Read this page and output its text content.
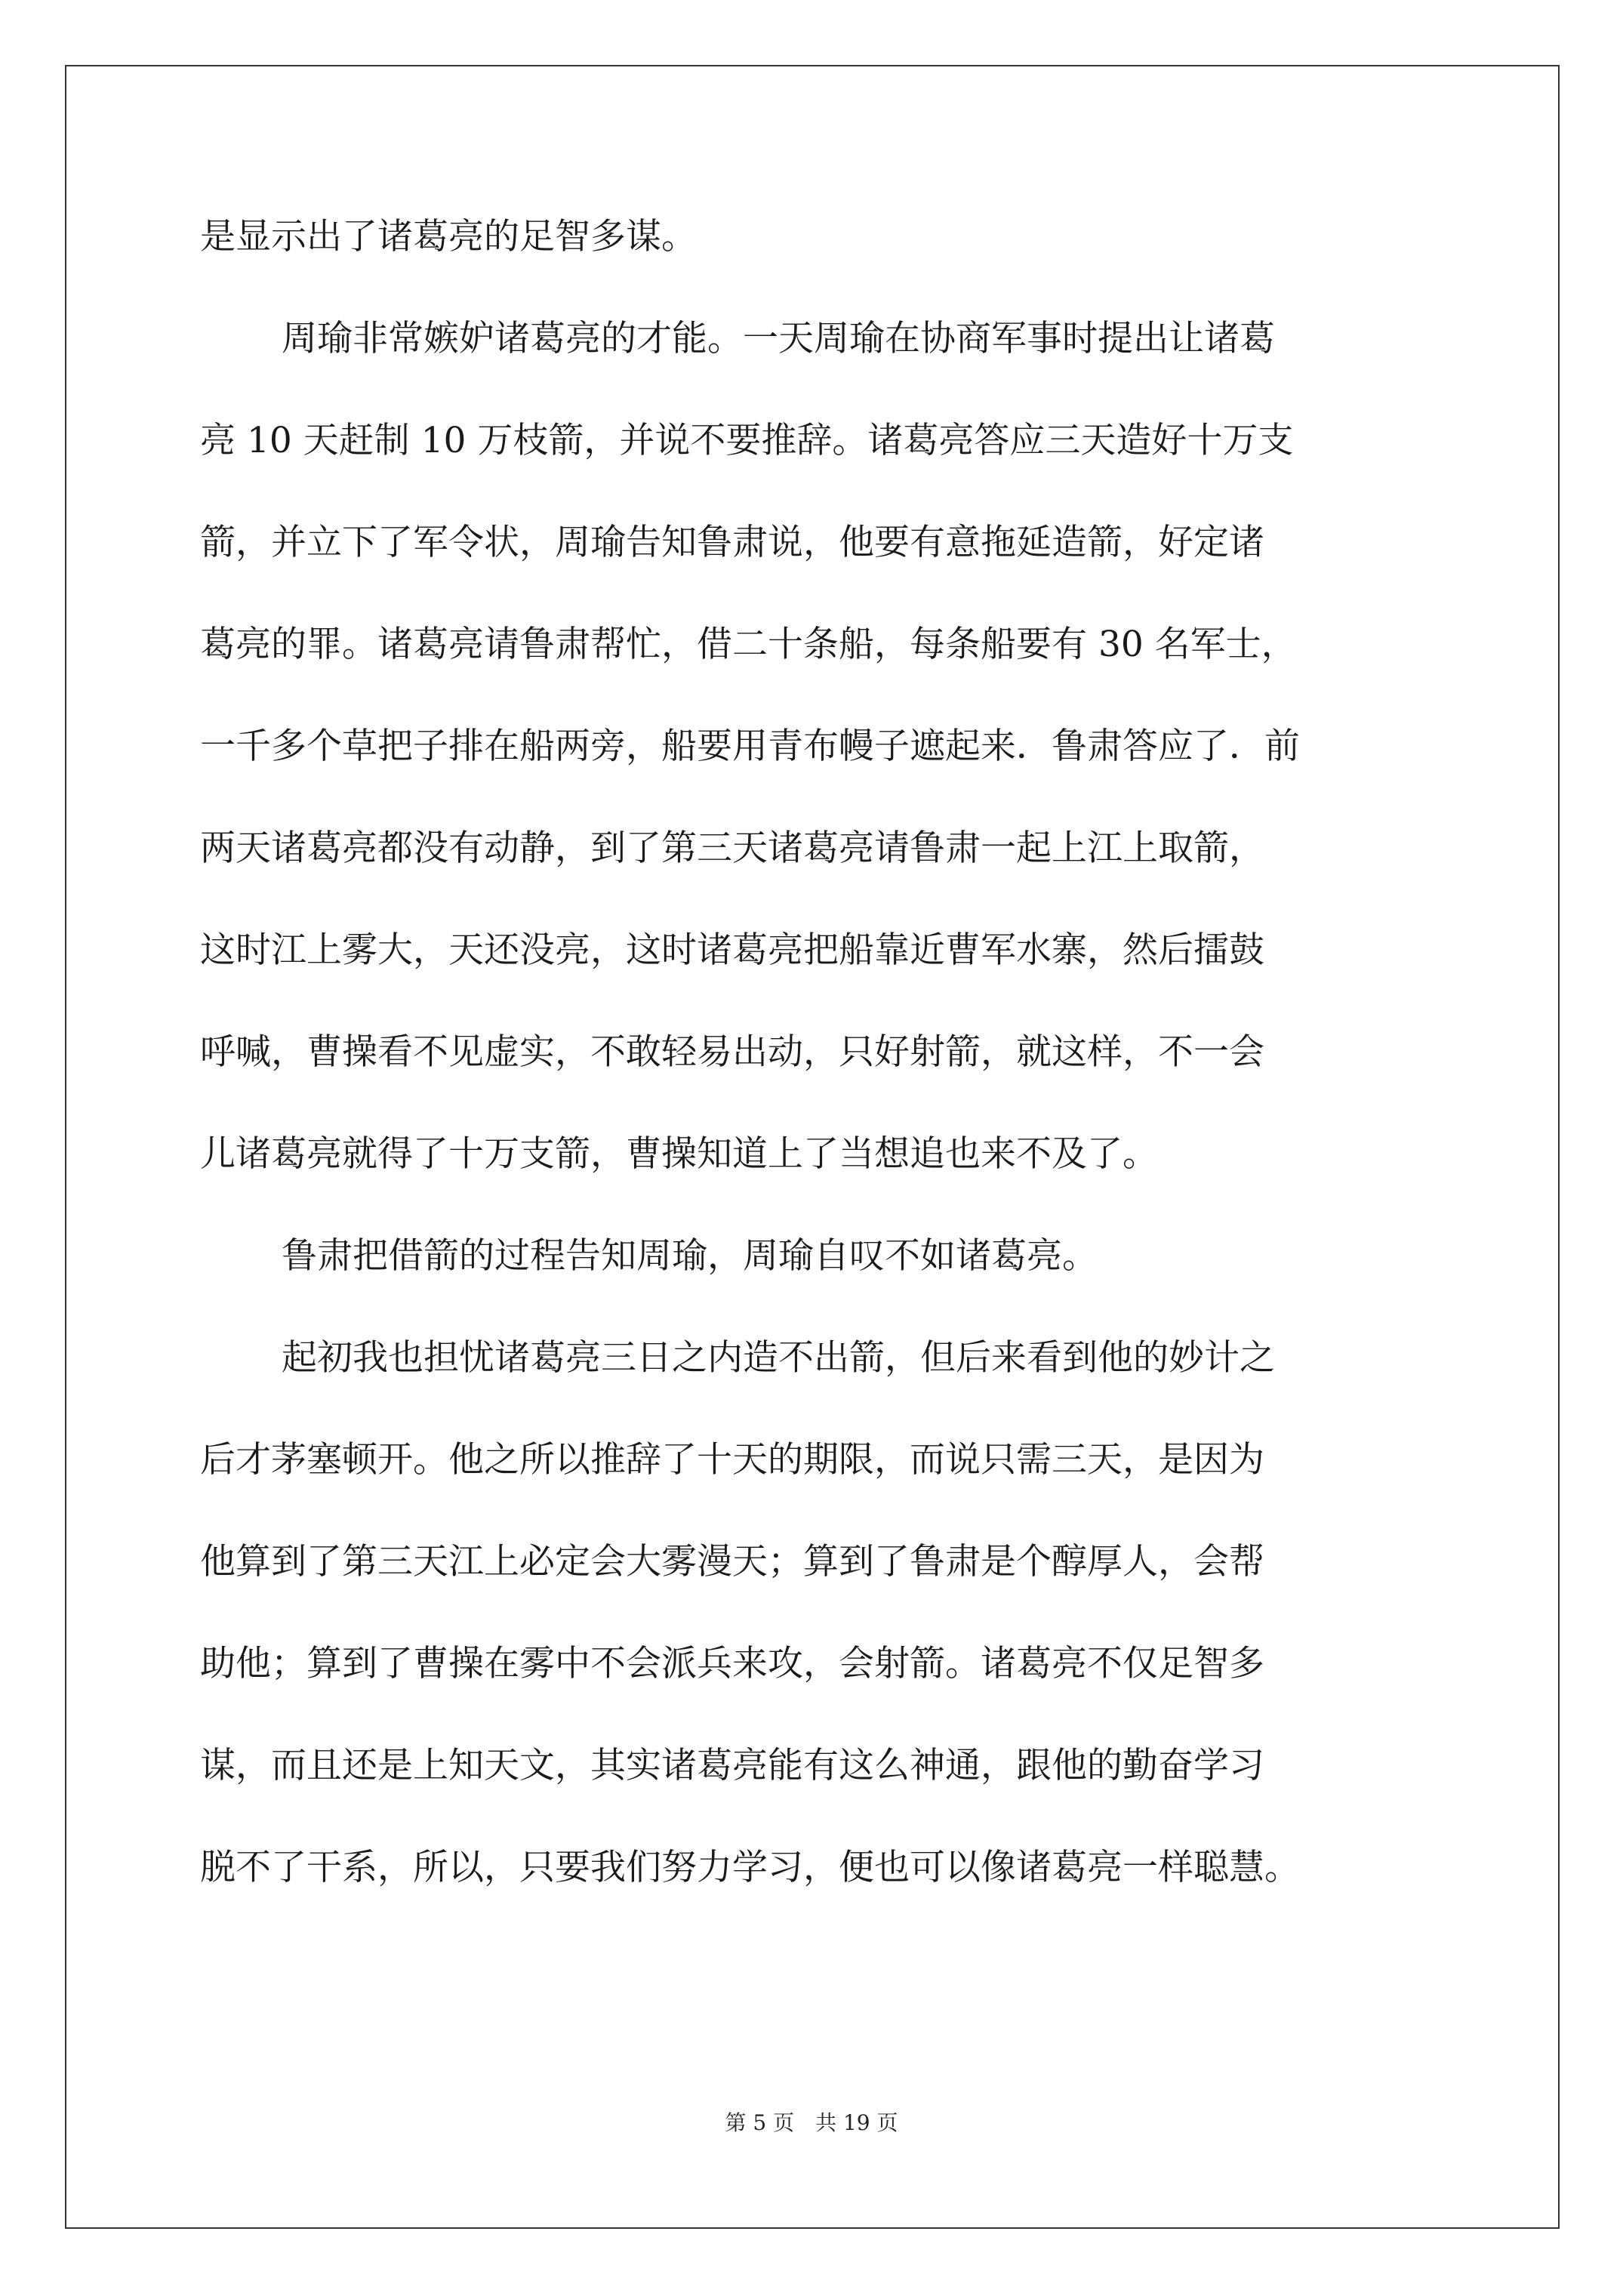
是显示出了诸葛亮的足智多谋。
周瑜非常嫉妒诸葛亮的才能。一天周瑜在协商军事时提出让诸葛
亮 10 天赶制 10 万枝箭，并说不要推辞。诸葛亮答应三天造好十万支
箭，并立下了军令状，周瑜告知鲁肃说，他要有意拖延造箭，好定诸
葛亮的罪。诸葛亮请鲁肃帮忙，借二十条船，每条船要有 30 名军士，
一千多个草把子排在船两旁，船要用青布幔子遮起来．鲁肃答应了．前
两天诸葛亮都没有动静，到了第三天诸葛亮请鲁肃一起上江上取箭，
这时江上雾大，天还没亮，这时诸葛亮把船靠近曹军水寨，然后擂鼓
呼喊，曹操看不见虚实，不敢轻易出动，只好射箭，就这样，不一会
儿诸葛亮就得了十万支箭，曹操知道上了当想追也来不及了。
鲁肃把借箭的过程告知周瑜，周瑜自叹不如诸葛亮。
起初我也担忧诸葛亮三日之内造不出箭，但后来看到他的妙计之
后才茅塞顿开。他之所以推辞了十天的期限，而说只需三天，是因为
他算到了第三天江上必定会大雾漫天；算到了鲁肃是个醇厚人，会帮
助他；算到了曹操在雾中不会派兵来攻，会射箭。诸葛亮不仅足智多
谋，而且还是上知天文，其实诸葛亮能有这么神通，跟他的勤奋学习
脱不了干系，所以，只要我们努力学习，便也可以像诸葛亮一样聪慧。
第 5 页　共 19 页
